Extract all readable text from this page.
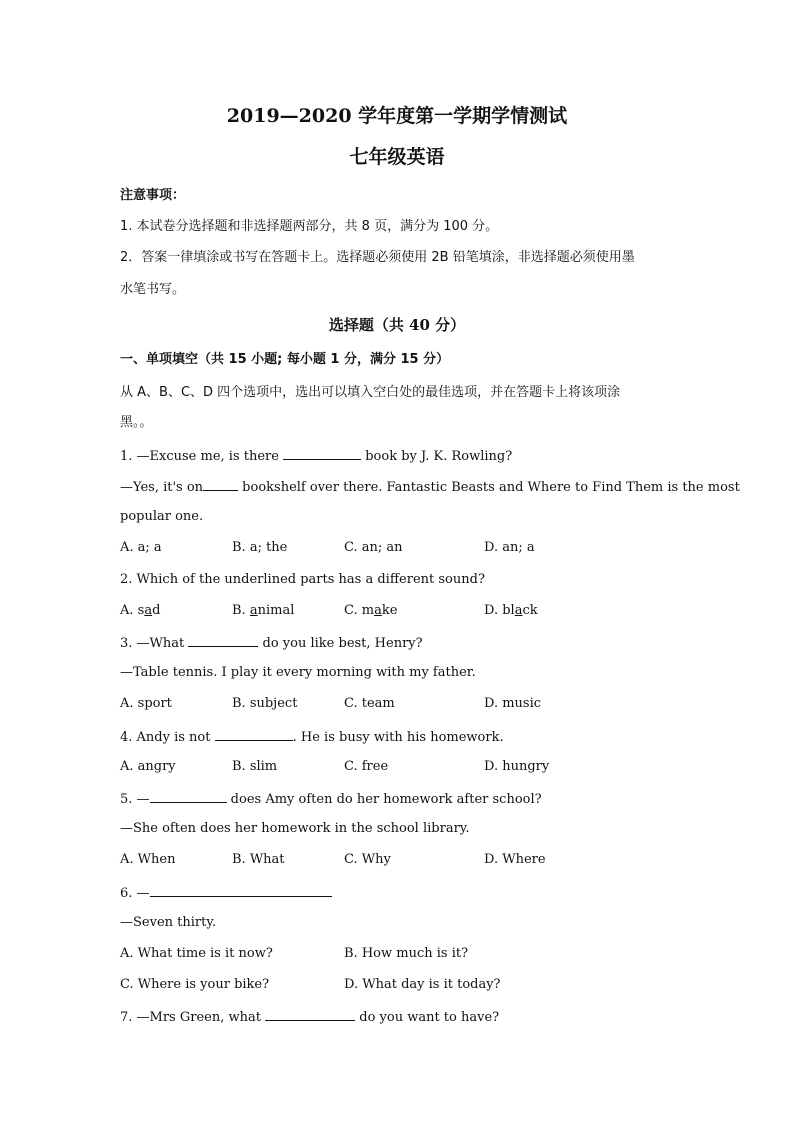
2019—2020 学年度第一学期学情测试
七年级英语
注意事项：
1. 本试卷分选择题和非选择题两部分，共 8 页，满分为 100 分。
2．答案一律填涂或书写在答题卡上。选择题必须使用 2B 铅笔填涂，非选择题必须使用墨
水笔书写。
选择题（共 40 分）
一、单项填空（共 15 小题; 每小题 1 分，满分 15 分）
从 A、B、C、D 四个选项中，选出可以填入空白处的最佳选项，并在答题卡上将该项涂
黑。。
1. —Excuse me, is there	book by J. K. Rowling?
—Yes, it's on	bookshelf over there. Fantastic Beasts and Where to Find Them is the most
popular one.
A. a; a	B. a; the	C. an; an	D. an; a
2. Which of the underlined parts has a different sound?
A. sad	B. animal	C. make	D. black
3. —What	do you like best, Henry?
—Table tennis. I play it every morning with my father.
A. sport	B. subject	C. team	D. music
4. Andy is not	. He is busy with his homework.
A. angry	B. slim	C. free	D. hungry
5. —	does Amy often do her homework after school?
—She often does her homework in the school library.
A. When	B. What	C. Why	D. Where
6. —
—Seven thirty.
A. What time is it now?	B. How much is it?
C. Where is your bike?	D. What day is it today?
7. —Mrs Green, what	do you want to have?
